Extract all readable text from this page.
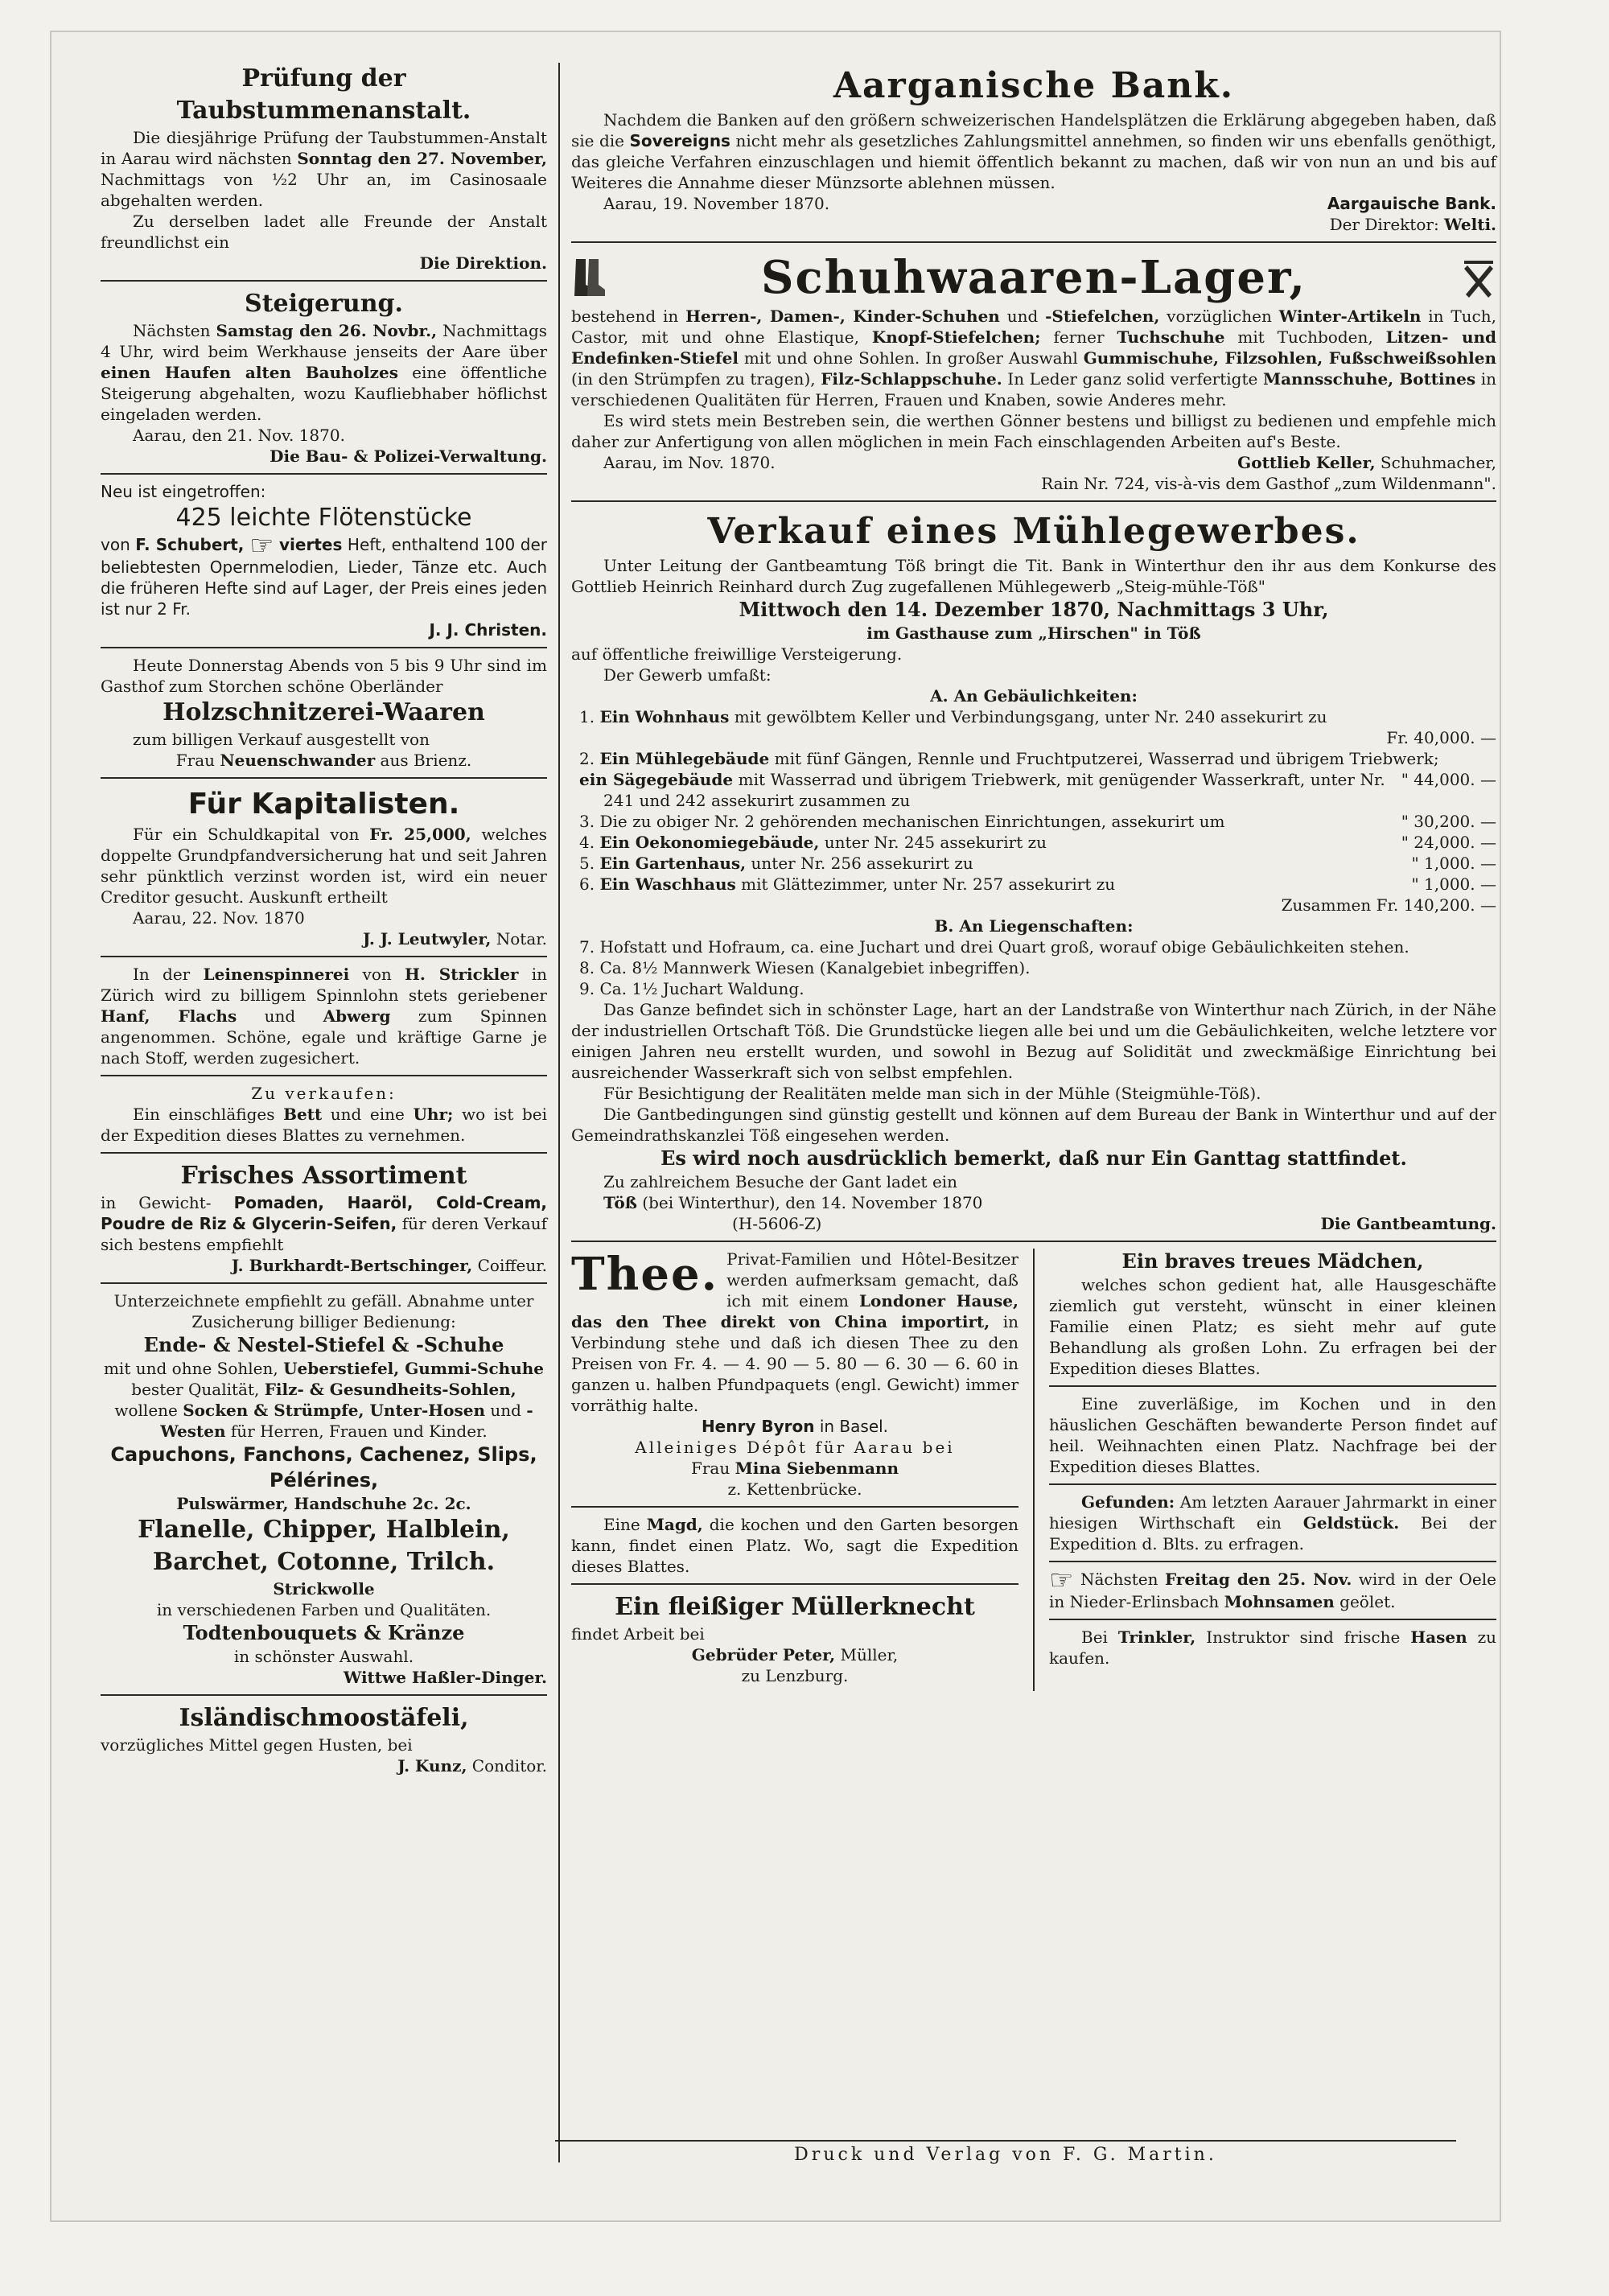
Prüfung der Taubstummenanstalt.

Die diesjährige Prüfung der Taubstummen-Anstalt in Aarau wird nächsten Sonntag den 27. November, Nachmittags von ½2 Uhr an, im Casinosaale abgehalten werden.

Zu derselben ladet alle Freunde der Anstalt freundlichst ein

Die Direktion.

Steigerung.

Nächsten Samstag den 26. Novbr., Nachmittags 4 Uhr, wird beim Werkhause jenseits der Aare über einen Haufen alten Bauholzes eine öffentliche Steigerung abgehalten, wozu Kaufliebhaber höflichst eingeladen werden.

Aarau, den 21. Nov. 1870.

Die Bau- & Polizei-Verwaltung.

Neu ist eingetroffen:

425 leichte Flötenstücke

von F. Schubert, ☞ viertes Heft, enthaltend 100 der beliebtesten Opernmelodien, Lieder, Tänze etc. Auch die früheren Hefte sind auf Lager, der Preis eines jeden ist nur 2 Fr.

J. J. Christen.

Heute Donnerstag Abends von 5 bis 9 Uhr sind im Gasthof zum Storchen schöne Oberländer

Holzschnitzerei-Waaren

zum billigen Verkauf ausgestellt von

Frau Neuenschwander aus Brienz.

Für Kapitalisten.

Für ein Schuldkapital von Fr. 25,000, welches doppelte Grundpfandversicherung hat und seit Jahren sehr pünktlich verzinst worden ist, wird ein neuer Creditor gesucht. Auskunft ertheilt

Aarau, 22. Nov. 1870

J. J. Leutwyler, Notar.

In der Leinenspinnerei von H. Strickler in Zürich wird zu billigem Spinnlohn stets geriebener Hanf, Flachs und Abwerg zum Spinnen angenommen. Schöne, egale und kräftige Garne je nach Stoff, werden zugesichert.

Zu verkaufen:

Ein einschläfiges Bett und eine Uhr; wo ist bei der Expedition dieses Blattes zu vernehmen.

Frisches Assortiment

in Gewicht- Pomaden, Haaröl, Cold-Cream, Poudre de Riz & Glycerin-Seifen, für deren Verkauf sich bestens empfiehlt

J. Burkhardt-Bertschinger, Coiffeur.

Unterzeichnete empfiehlt zu gefäll. Abnahme unter Zusicherung billiger Bedienung:

Ende- & Nestel-Stiefel & -Schuhe

mit und ohne Sohlen, Ueberstiefel, Gummi-Schuhe bester Qualität, Filz- & Gesundheits-Sohlen, wollene Socken & Strümpfe, Unter-Hosen und -Westen für Herren, Frauen und Kinder.

Capuchons, Fanchons, Cachenez, Slips, Pélérines,

Pulswärmer, Handschuhe 2c. 2c.

Flanelle, Chipper, Halblein, Barchet, Cotonne, Trilch.

Strickwolle

in verschiedenen Farben und Qualitäten.

Todtenbouquets & Kränze

in schönster Auswahl.

Wittwe Haßler-Dinger.

Isländischmoostäfeli,

vorzügliches Mittel gegen Husten, bei

J. Kunz, Conditor.

Aarganische Bank.

Nachdem die Banken auf den größern schweizerischen Handelsplätzen die Erklärung abgegeben haben, daß sie die Sovereigns nicht mehr als gesetzliches Zahlungsmittel annehmen, so finden wir uns ebenfalls genöthigt, das gleiche Verfahren einzuschlagen und hiemit öffentlich bekannt zu machen, daß wir von nun an und bis auf Weiteres die Annahme dieser Münzsorte ablehnen müssen.

Aarau, 19. November 1870.	Aargauische Bank.

Der Direktor: Welti.

Schuhwaaren-Lager,

bestehend in Herren-, Damen-, Kinder-Schuhen und -Stiefelchen, vorzüglichen Winter-Artikeln in Tuch, Castor, mit und ohne Elastique, Knopf-Stiefelchen; ferner Tuchschuhe mit Tuchboden, Litzen- und Endefinken-Stiefel mit und ohne Sohlen. In großer Auswahl Gummischuhe, Filzsohlen, Fußschweißsohlen (in den Strümpfen zu tragen), Filz-Schlappschuhe. In Leder ganz solid verfertigte Mannsschuhe, Bottines in verschiedenen Qualitäten für Herren, Frauen und Knaben, sowie Anderes mehr.

Es wird stets mein Bestreben sein, die werthen Gönner bestens und billigst zu bedienen und empfehle mich daher zur Anfertigung von allen möglichen in mein Fach einschlagenden Arbeiten auf's Beste.

Aarau, im Nov. 1870.	Gottlieb Keller, Schuhmacher,

Rain Nr. 724, vis-à-vis dem Gasthof „zum Wildenmann".

Verkauf eines Mühlegewerbes.

Unter Leitung der Gantbeamtung Töß bringt die Tit. Bank in Winterthur den ihr aus dem Konkurse des Gottlieb Heinrich Reinhard durch Zug zugefallenen Mühlegewerb „Steig-mühle-Töß"

Mittwoch den 14. Dezember 1870, Nachmittags 3 Uhr,

im Gasthause zum „Hirschen" in Töß

auf öffentliche freiwillige Versteigerung.

Der Gewerb umfaßt:

A. An Gebäulichkeiten:

1. Ein Wohnhaus mit gewölbtem Keller und Verbindungsgang, unter Nr. 240 assekurirt zu

Fr. 40,000. —

2. Ein Mühlegebäude mit fünf Gängen, Rennle und Fruchtputzerei, Wasserrad und übrigem Triebwerk;

ein Sägegebäude mit Wasserrad und übrigem Triebwerk, mit genügender Wasserkraft, unter Nr. 241 und 242 assekurirt zusammen zu

" 44,000. —

3. Die zu obiger Nr. 2 gehörenden mechanischen Einrichtungen, assekurirt um	" 30,200. —

4. Ein Oekonomiegebäude, unter Nr. 245 assekurirt zu	" 24,000. —

5. Ein Gartenhaus, unter Nr. 256 assekurirt zu	" 1,000. —

6. Ein Waschhaus mit Glättezimmer, unter Nr. 257 assekurirt zu	" 1,000. —
Zusammen Fr. 140,200. —

B. An Liegenschaften:

7. Hofstatt und Hofraum, ca. eine Juchart und drei Quart groß, worauf obige Gebäulichkeiten stehen.

8. Ca. 8½ Mannwerk Wiesen (Kanalgebiet inbegriffen).

9. Ca. 1½ Juchart Waldung.

Das Ganze befindet sich in schönster Lage, hart an der Landstraße von Winterthur nach Zürich, in der Nähe der industriellen Ortschaft Töß. Die Grundstücke liegen alle bei und um die Gebäulichkeiten, welche letztere vor einigen Jahren neu erstellt wurden, und sowohl in Bezug auf Solidität und zweckmäßige Einrichtung bei ausreichender Wasserkraft sich von selbst empfehlen.

Für Besichtigung der Realitäten melde man sich in der Mühle (Steigmühle-Töß).

Die Gantbedingungen sind günstig gestellt und können auf dem Bureau der Bank in Winterthur und auf der Gemeindrathskanzlei Töß eingesehen werden.

Es wird noch ausdrücklich bemerkt, daß nur Ein Ganttag stattfindet.

Zu zahlreichem Besuche der Gant ladet ein

Töß (bei Winterthur), den 14. November 1870

(H-5606-Z)	Die Gantbeamtung.

Thee. Privat-Familien und Hôtel-Besitzer werden aufmerksam gemacht, daß ich mit einem Londoner Hause, das den Thee direkt von China importirt, in Verbindung stehe und daß ich diesen Thee zu den Preisen von Fr. 4. — 4. 90 — 5. 80 — 6. 30 — 6. 60 in ganzen u. halben Pfundpaquets (engl. Gewicht) immer vorräthig halte.

Henry Byron in Basel.

Alleiniges Dépôt für Aarau bei

Frau Mina Siebenmann

z. Kettenbrücke.

Eine Magd, die kochen und den Garten besorgen kann, findet einen Platz. Wo, sagt die Expedition dieses Blattes.

Ein fleißiger Müllerknecht

findet Arbeit bei

Gebrüder Peter, Müller,

zu Lenzburg.

Ein braves treues Mädchen,

welches schon gedient hat, alle Hausgeschäfte ziemlich gut versteht, wünscht in einer kleinen Familie einen Platz; es sieht mehr auf gute Behandlung als großen Lohn. Zu erfragen bei der Expedition dieses Blattes.

Eine zuverläßige, im Kochen und in den häuslichen Geschäften bewanderte Person findet auf heil. Weihnachten einen Platz. Nachfrage bei der Expedition dieses Blattes.

Gefunden: Am letzten Aarauer Jahrmarkt in einer hiesigen Wirthschaft ein Geldstück. Bei der Expedition d. Blts. zu erfragen.

☞ Nächsten Freitag den 25. Nov. wird in der Oele in Nieder-Erlinsbach Mohnsamen geölet.

Bei Trinkler, Instruktor sind frische Hasen zu kaufen.

Druck und Verlag von F. G. Martin.
